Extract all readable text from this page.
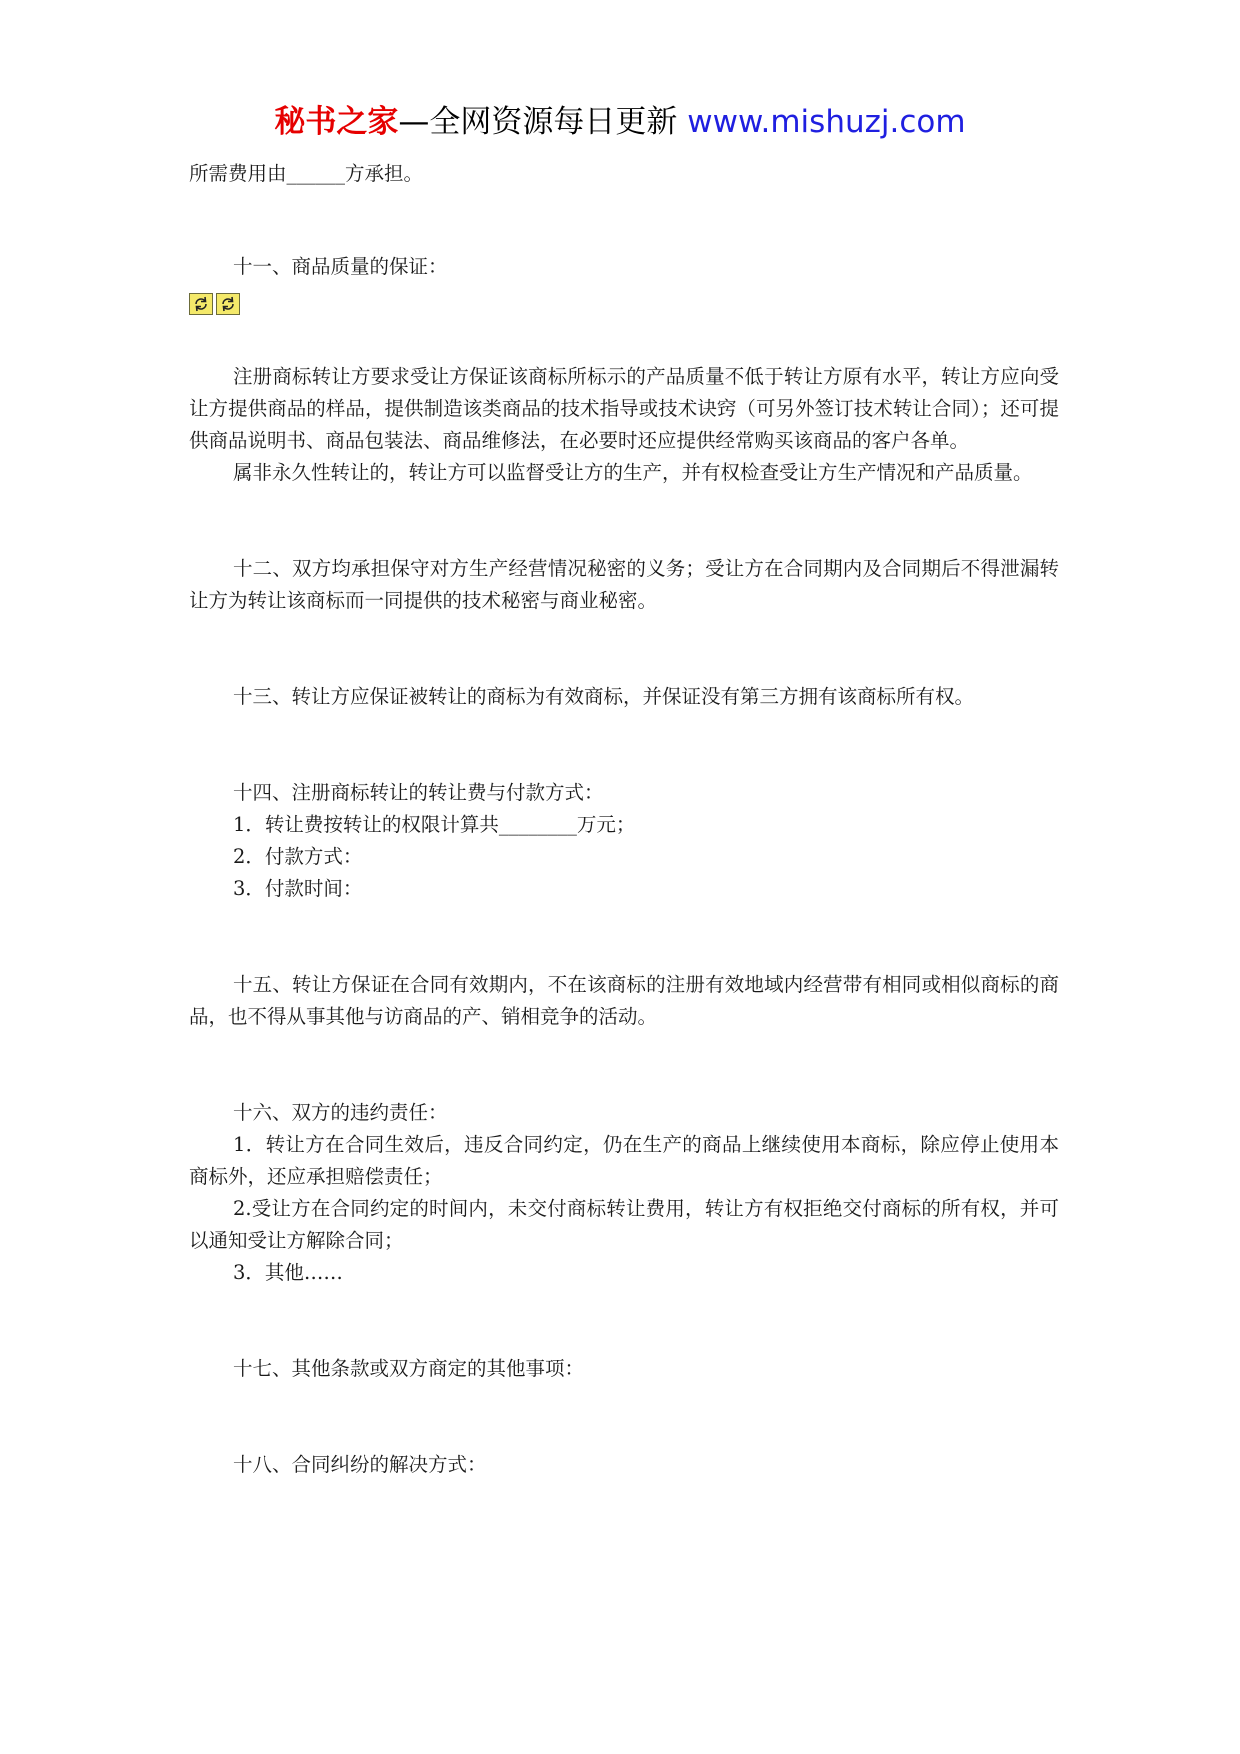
秘书之家—全网资源每日更新 www.mishuzj.com
所需费用由______方承担。
十一、商品质量的保证：
注册商标转让方要求受让方保证该商标所标示的产品质量不低于转让方原有水平，转让方应向受让方提供商品的样品，提供制造该类商品的技术指导或技术诀窍（可另外签订技术转让合同）；还可提供商品说明书、商品包装法、商品维修法，在必要时还应提供经常购买该商品的客户各单。
属非永久性转让的，转让方可以监督受让方的生产，并有权检查受让方生产情况和产品质量。
十二、双方均承担保守对方生产经营情况秘密的义务；受让方在合同期内及合同期后不得泄漏转让方为转让该商标而一同提供的技术秘密与商业秘密。
十三、转让方应保证被转让的商标为有效商标，并保证没有第三方拥有该商标所有权。
十四、注册商标转让的转让费与付款方式：
1．转让费按转让的权限计算共________万元；
2．付款方式：
3．付款时间：
十五、转让方保证在合同有效期内，不在该商标的注册有效地域内经营带有相同或相似商标的商品，也不得从事其他与访商品的产、销相竞争的活动。
十六、双方的违约责任：
1．转让方在合同生效后，违反合同约定，仍在生产的商品上继续使用本商标，除应停止使用本商标外，还应承担赔偿责任；
2.受让方在合同约定的时间内，未交付商标转让费用，转让方有权拒绝交付商标的所有权，并可以通知受让方解除合同；
3．其他……
十七、其他条款或双方商定的其他事项：
十八、合同纠纷的解决方式：
